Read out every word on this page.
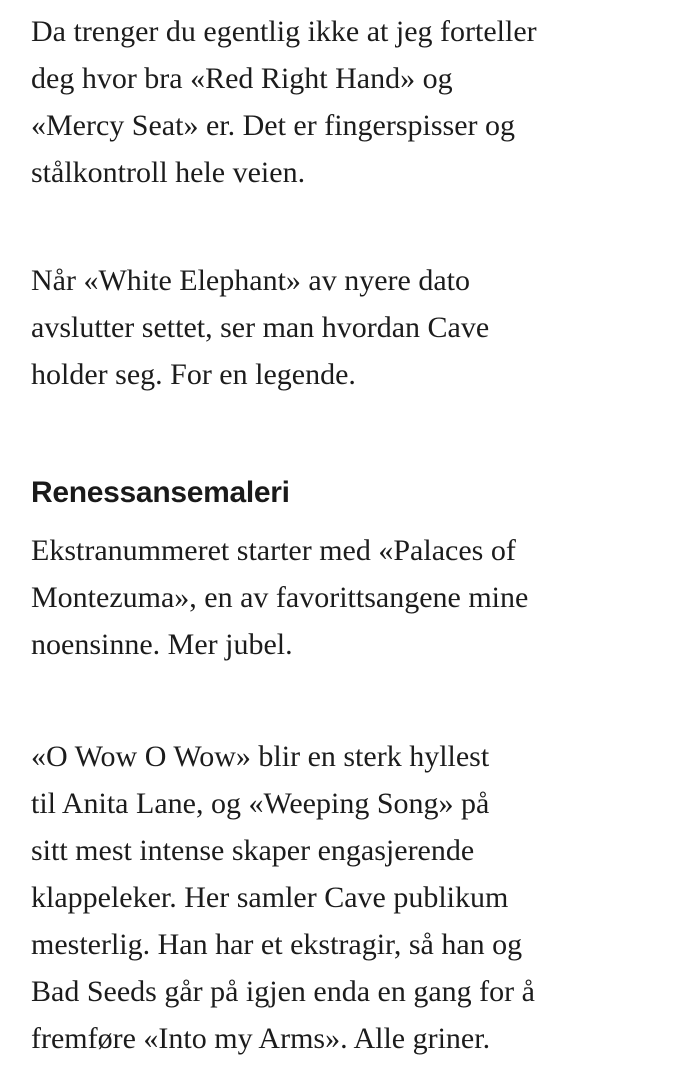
Da trenger du egentlig ikke at jeg forteller
deg hvor bra «Red Right Hand» og
«Mercy Seat» er. Det er fingerspisser og
stålkontroll hele veien.

Når «White Elephant» av nyere dato
avslutter settet, ser man hvordan Cave
holder seg. For en legende.

Renessansemaleri

Ekstranummeret starter med «Palaces of
Montezuma», en av favorittsangene mine
noensinne. Mer jubel.

«O Wow O Wow» blir en sterk hyllest
til Anita Lane, og «Weeping Song» på
sitt mest intense skaper engasjerende
klappeleker. Her samler Cave publikum
mesterlig. Han har et ekstragir, så han og
Bad Seeds går på igjen enda en gang for å
fremføre «Into my Arms». Alle griner.
